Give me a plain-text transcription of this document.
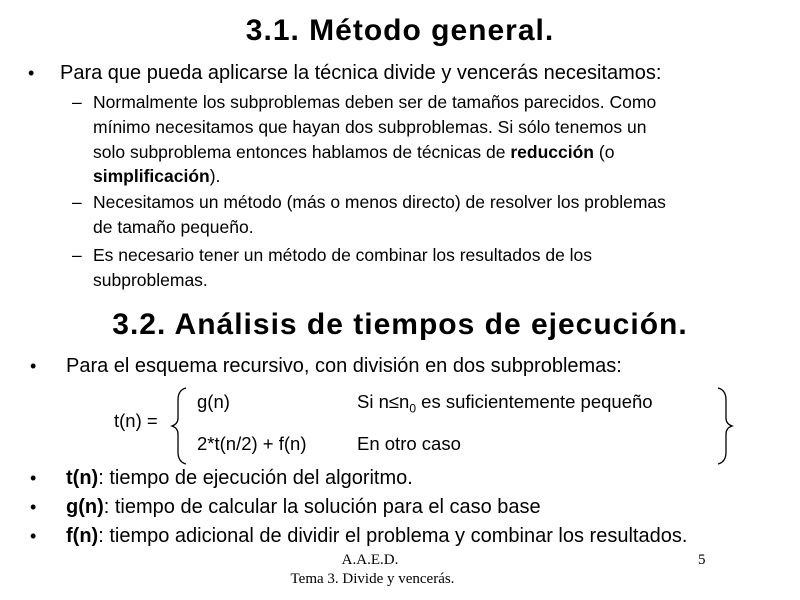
3.1. Método general.
• Para que pueda aplicarse la técnica divide y vencerás necesitamos:
– Normalmente los subproblemas deben ser de tamaños parecidos. Como
mínimo necesitamos que hayan dos subproblemas. Si sólo tenemos un
solo subproblema entonces hablamos de técnicas de reducción (o
simplificación).
– Necesitamos un método (más o menos directo) de resolver los problemas
de tamaño pequeño.
– Es necesario tener un método de combinar los resultados de los
subproblemas.
3.2. Análisis de tiempos de ejecución.
• Para el esquema recursivo, con división en dos subproblemas:
t(n) =
g(n)
2*t(n/2) + f(n)
Si $n\le n_0$ es suficientemente pequeño
En otro caso
• t(n): tiempo de ejecución del algoritmo.
• g(n): tiempo de calcular la solución para el caso base
• f(n): tiempo adicional de dividir el problema y combinar los resultados.
A.A.E.D.
Tema 3. Divide y vencerás.
5
